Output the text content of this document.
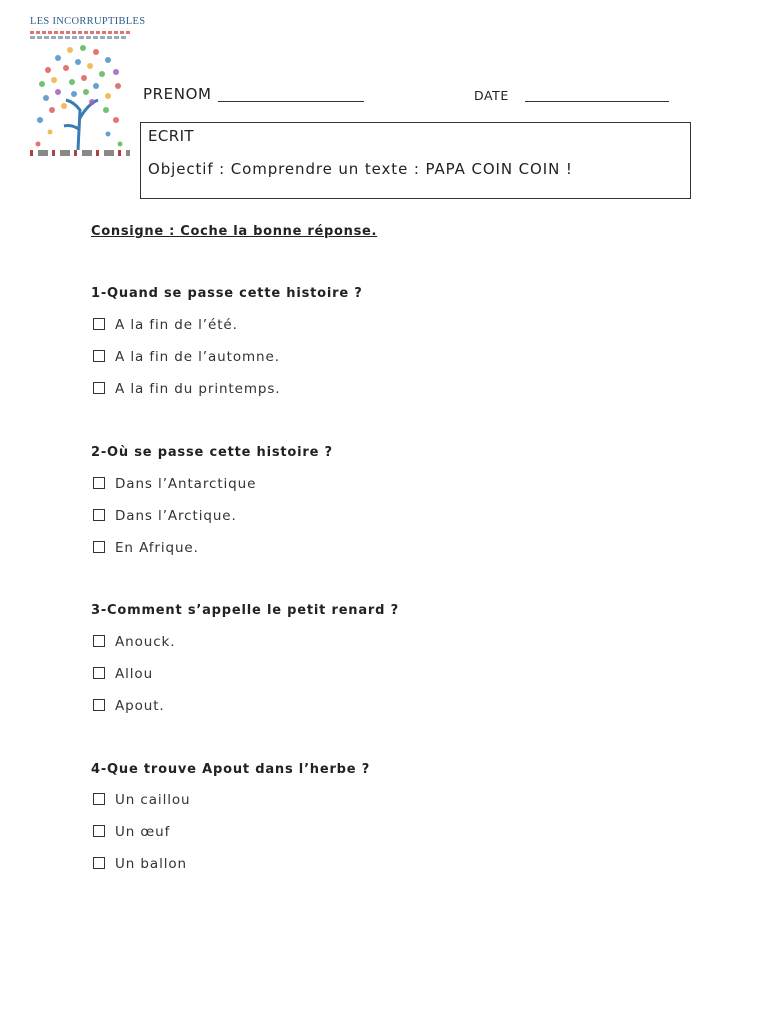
LES INCORRUPTIBLES
PRENOM	DATE
ECRIT
Objectif : Comprendre un texte : PAPA COIN COIN !
Consigne : Coche la bonne réponse.
1-Quand se passe cette histoire ?
A la fin de l’été.
A la fin de l’automne.
A la fin du printemps.
2-Où se passe cette histoire ?
Dans l’Antarctique
Dans l’Arctique.
En Afrique.
3-Comment s’appelle le petit renard ?
Anouck.
Allou
Apout.
4-Que trouve Apout dans l’herbe ?
Un caillou
Un œuf
Un ballon
